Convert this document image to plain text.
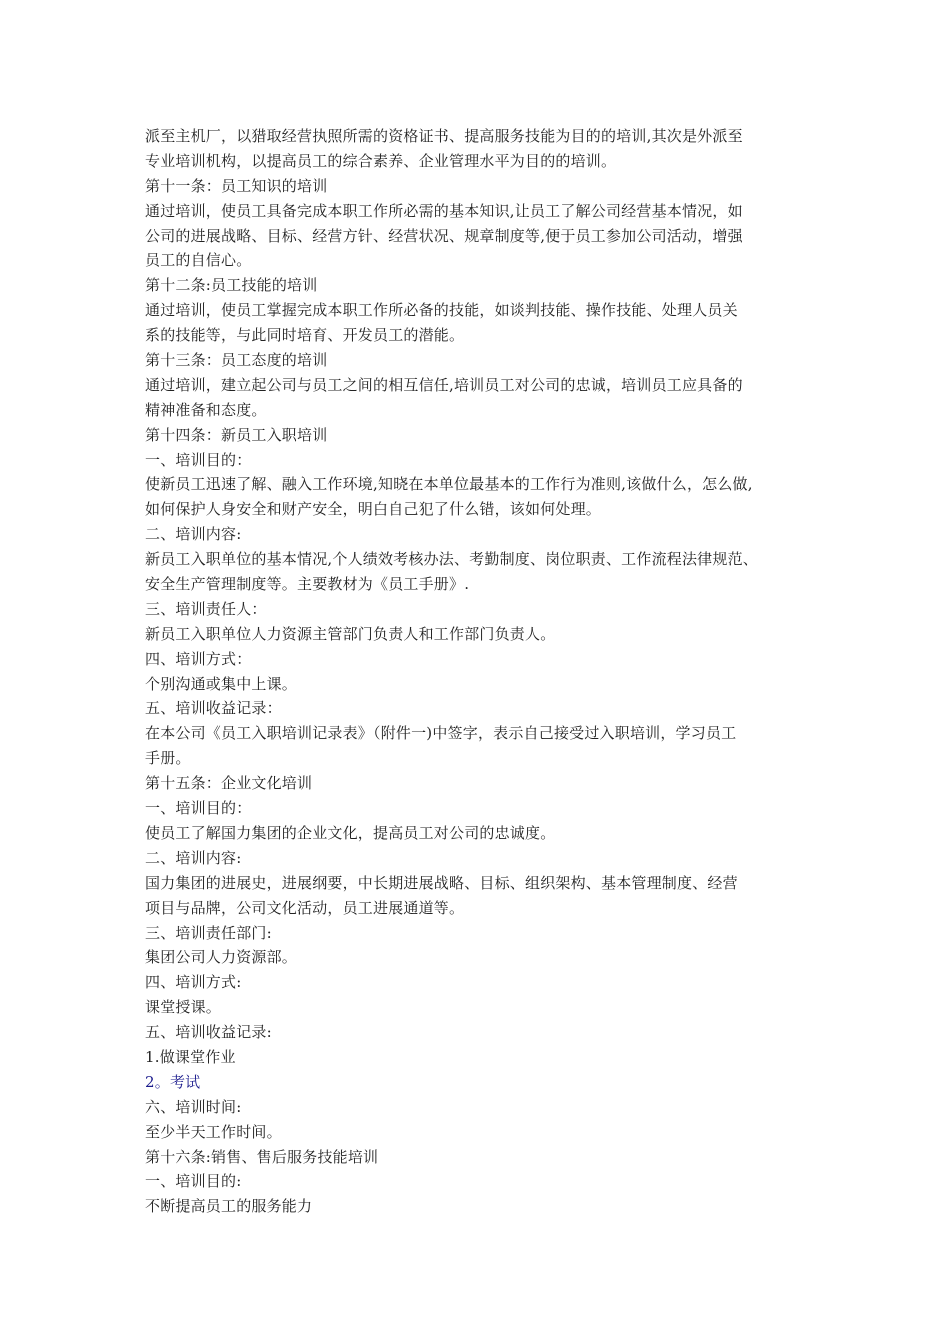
派至主机厂，以猎取经营执照所需的资格证书、提高服务技能为目的的培训,其次是外派至
专业培训机构，以提高员工的综合素养、企业管理水平为目的的培训。
第十一条：员工知识的培训
通过培训，使员工具备完成本职工作所必需的基本知识,让员工了解公司经营基本情况，如
公司的进展战略、目标、经营方针、经营状况、规章制度等,便于员工参加公司活动，增强
员工的自信心。
第十二条:员工技能的培训
通过培训，使员工掌握完成本职工作所必备的技能，如谈判技能、操作技能、处理人员关
系的技能等，与此同时培育、开发员工的潜能。
第十三条：员工态度的培训
通过培训，建立起公司与员工之间的相互信任,培训员工对公司的忠诚，培训员工应具备的
精神准备和态度。
第十四条：新员工入职培训
一、培训目的：
使新员工迅速了解、融入工作环境,知晓在本单位最基本的工作行为准则,该做什么，怎么做,
如何保护人身安全和财产安全，明白自己犯了什么错，该如何处理。
二、培训内容:
新员工入职单位的基本情况,个人绩效考核办法、考勤制度、岗位职责、工作流程法律规范、
安全生产管理制度等。主要教材为《员工手册》.
三、培训责任人：
新员工入职单位人力资源主管部门负责人和工作部门负责人。
四、培训方式：
个别沟通或集中上课。
五、培训收益记录：
在本公司《员工入职培训记录表》（附件一)中签字，表示自己接受过入职培训，学习员工
手册。
第十五条：企业文化培训
一、培训目的：
使员工了解国力集团的企业文化，提高员工对公司的忠诚度。
二、培训内容:
国力集团的进展史，进展纲要，中长期进展战略、目标、组织架构、基本管理制度、经营
项目与品牌，公司文化活动，员工进展通道等。
三、培训责任部门:
集团公司人力资源部。
四、培训方式:
课堂授课。
五、培训收益记录:
1.做课堂作业
2。考试
六、培训时间:
至少半天工作时间。
第十六条:销售、售后服务技能培训
一、培训目的:
不断提高员工的服务能力
